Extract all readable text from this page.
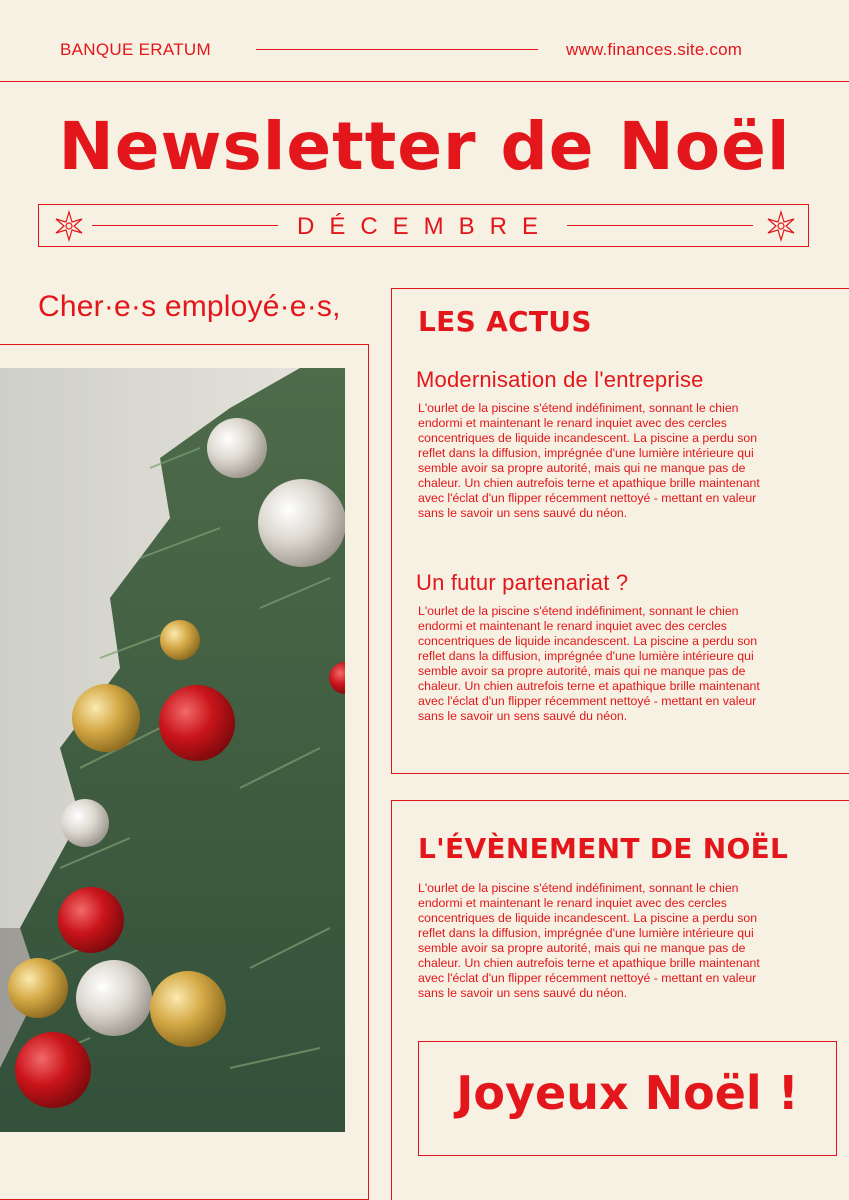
BANQUE ERATUM	www.finances.site.com
Newsletter de Noël
DÉCEMBRE
Cher·e·s employé·e·s,	LES ACTUS
Modernisation de l'entreprise
L'ourlet de la piscine s'étend indéfiniment, sonnant le chien endormi et maintenant le renard inquiet avec des cercles concentriques de liquide incandescent. La piscine a perdu son reflet dans la diffusion, imprégnée d'une lumière intérieure qui semble avoir sa propre autorité, mais qui ne manque pas de chaleur. Un chien autrefois terne et apathique brille maintenant avec l'éclat d'un flipper récemment nettoyé - mettant en valeur sans le savoir un sens sauvé du néon.
Un futur partenariat ?
L'ourlet de la piscine s'étend indéfiniment, sonnant le chien endormi et maintenant le renard inquiet avec des cercles concentriques de liquide incandescent. La piscine a perdu son reflet dans la diffusion, imprégnée d'une lumière intérieure qui semble avoir sa propre autorité, mais qui ne manque pas de chaleur. Un chien autrefois terne et apathique brille maintenant avec l'éclat d'un flipper récemment nettoyé - mettant en valeur sans le savoir un sens sauvé du néon.
L'ÉVÈNEMENT DE NOËL
L'ourlet de la piscine s'étend indéfiniment, sonnant le chien endormi et maintenant le renard inquiet avec des cercles concentriques de liquide incandescent. La piscine a perdu son reflet dans la diffusion, imprégnée d'une lumière intérieure qui semble avoir sa propre autorité, mais qui ne manque pas de chaleur. Un chien autrefois terne et apathique brille maintenant avec l'éclat d'un flipper récemment nettoyé - mettant en valeur sans le savoir un sens sauvé du néon.
Joyeux Noël !
